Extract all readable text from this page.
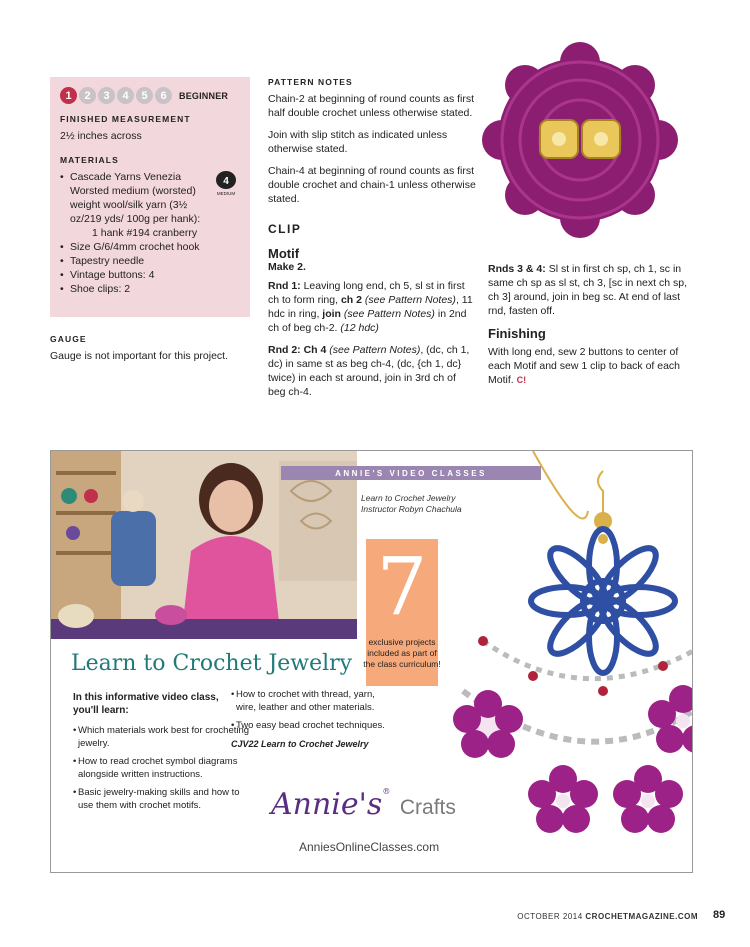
1	2	3	4	5	6	BEGINNER
FINISHED MEASUREMENT

2½ inches across

MATERIALS
• Cascade Yarns Venezia Worsted medium (worsted) weight wool/silk yarn (3½ oz/219 yds/ 100g per hank):
1 hank #194 cranberry
• Size G/6/4mm crochet hook
• Tapestry needle
• Vintage buttons: 4
• Shoe clips: 2
4
MEDIUM
GAUGE
Gauge is not important for this project.
PATTERN NOTES

Chain-2 at beginning of round counts as first half double crochet unless otherwise stated.

Join with slip stitch as indicated unless otherwise stated.

Chain-4 at beginning of round counts as first double crochet and chain-1 unless otherwise stated.

CLIP
Motif
Make 2.

Rnd 1: Leaving long end, ch 5, sl st in first ch to form ring, ch 2 (see Pattern Notes), 11 hdc in ring, join (see Pattern Notes) in 2nd ch of beg ch-2. (12 hdc)

Rnd 2: Ch 4 (see Pattern Notes), (dc, ch 1, dc) in same st as beg ch-4, (dc, {ch 1, dc} twice) in each st around, join in 3rd ch of beg ch-4.

Rnds 3 & 4: Sl st in first ch sp, ch 1, sc in same ch sp as sl st, ch 3, [sc in next ch sp, ch 3] around, join in beg sc. At end of last rnd, fasten off.

Finishing

With long end, sew 2 buttons to center of each Motif and sew 1 clip to back of each Motif. C!

ANNIE'S VIDEO CLASSES
Learn to Crochet Jewelry
Instructor Robyn Chachula
7
exclusive projects included as part of the class curriculum!
Learn to Crochet Jewelry
In this informative video class, you'll learn:
• Which materials work best for crocheting jewelry.
• How to read crochet symbol diagrams alongside written instructions.
• Basic jewelry-making skills and how to use them with crochet motifs.
• How to crochet with thread, yarn, wire, leather and other materials.
• Two easy bead crochet techniques.
CJV22 Learn to Crochet Jewelry
Annie's® Crafts
AnniesOnlineClasses.com
OCTOBER 2014 CROCHETMAGAZINE.COM 89
